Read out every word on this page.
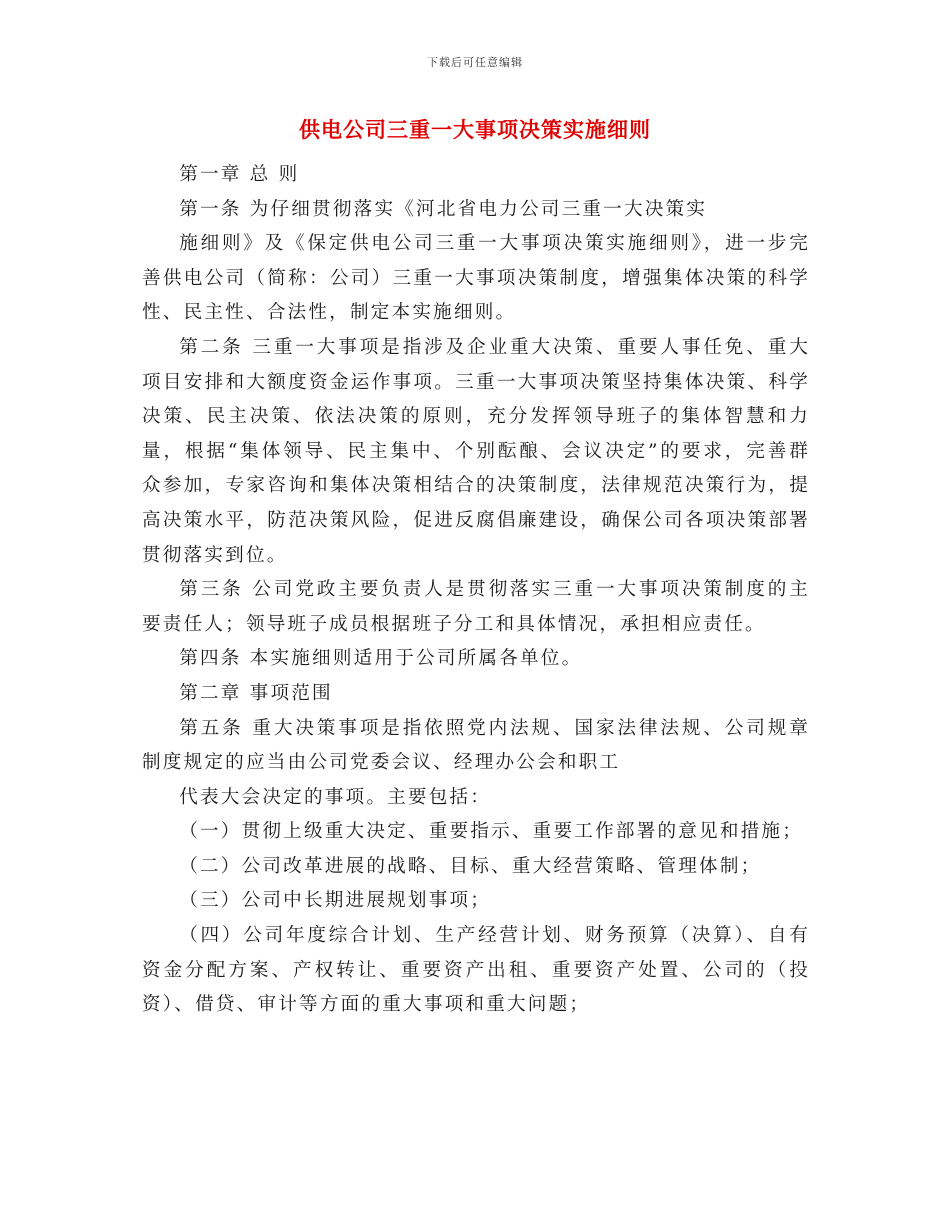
下载后可任意编辑
供电公司三重一大事项决策实施细则

第一章 总 则

第一条 为仔细贯彻落实《河北省电力公司三重一大决策实

施细则》及《保定供电公司三重一大事项决策实施细则》，进一步完善供电公司（简称：公司）三重一大事项决策制度，增强集体决策的科学性、民主性、合法性，制定本实施细则。

第二条 三重一大事项是指涉及企业重大决策、重要人事任免、重大项目安排和大额度资金运作事项。三重一大事项决策坚持集体决策、科学决策、民主决策、依法决策的原则，充分发挥领导班子的集体智慧和力量，根据“集体领导、民主集中、个别酝酿、会议决定”的要求，完善群众参加，专家咨询和集体决策相结合的决策制度，法律规范决策行为，提高决策水平，防范决策风险，促进反腐倡廉建设，确保公司各项决策部署贯彻落实到位。

第三条 公司党政主要负责人是贯彻落实三重一大事项决策制度的主要责任人；领导班子成员根据班子分工和具体情况，承担相应责任。

第四条 本实施细则适用于公司所属各单位。

第二章 事项范围

第五条 重大决策事项是指依照党内法规、国家法律法规、公司规章制度规定的应当由公司党委会议、经理办公会和职工

代表大会决定的事项。主要包括：

（一）贯彻上级重大决定、重要指示、重要工作部署的意见和措施；

（二）公司改革进展的战略、目标、重大经营策略、管理体制；

（三）公司中长期进展规划事项；

（四）公司年度综合计划、生产经营计划、财务预算（决算）、自有资金分配方案、产权转让、重要资产出租、重要资产处置、公司的（投资）、借贷、审计等方面的重大事项和重大问题；
